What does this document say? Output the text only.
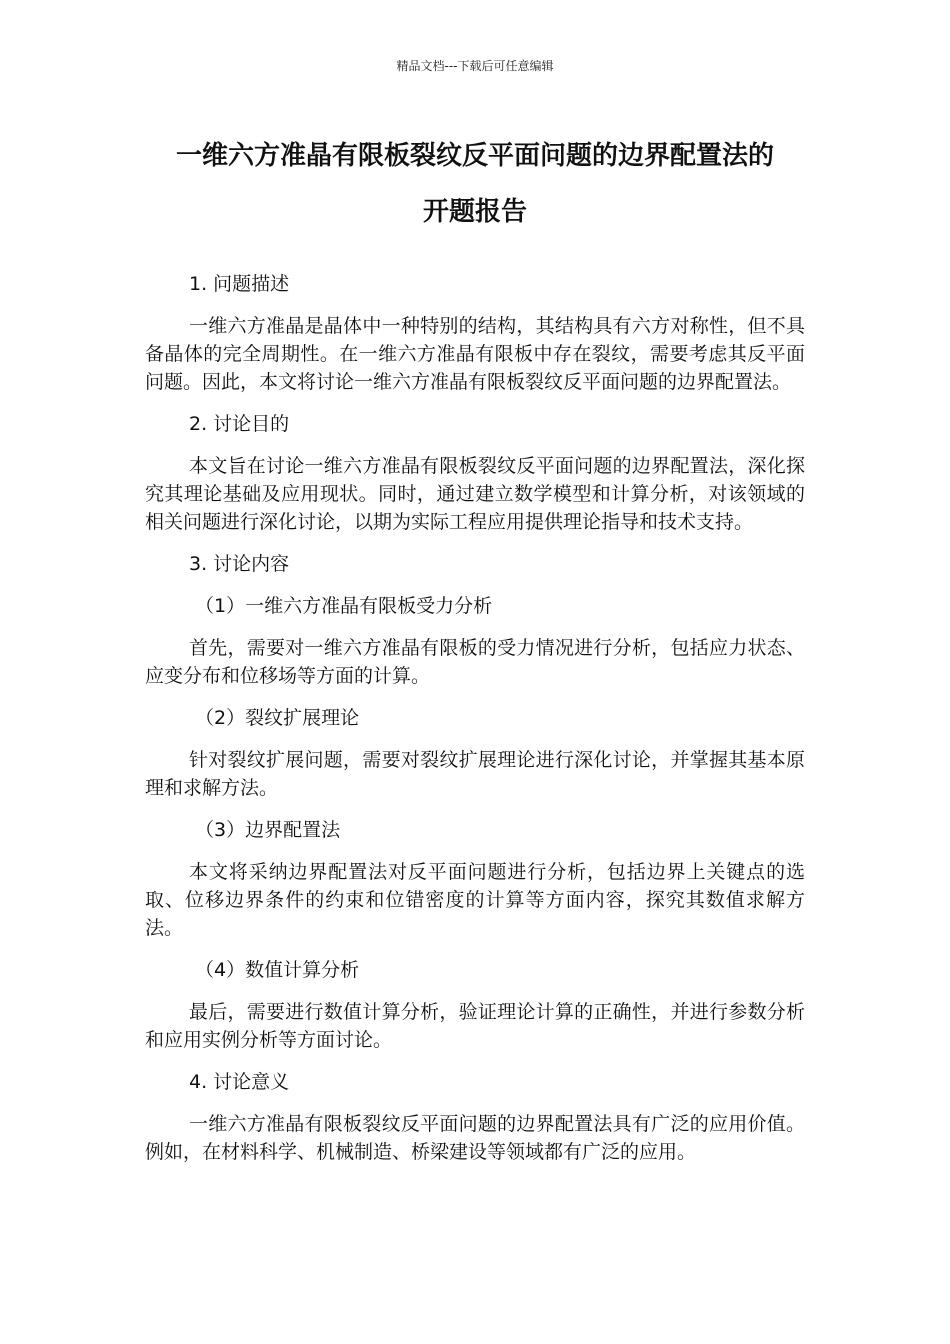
精品文档---下载后可任意编辑
一维六方准晶有限板裂纹反平面问题的边界配置法的
开题报告
1. 问题描述

一维六方准晶是晶体中一种特别的结构，其结构具有六方对称性，但不具备晶体的完全周期性。在一维六方准晶有限板中存在裂纹，需要考虑其反平面问题。因此，本文将讨论一维六方准晶有限板裂纹反平面问题的边界配置法。

2. 讨论目的

本文旨在讨论一维六方准晶有限板裂纹反平面问题的边界配置法，深化探究其理论基础及应用现状。同时，通过建立数学模型和计算分析，对该领域的相关问题进行深化讨论，以期为实际工程应用提供理论指导和技术支持。

3. 讨论内容
（1）一维六方准晶有限板受力分析

首先，需要对一维六方准晶有限板的受力情况进行分析，包括应力状态、应变分布和位移场等方面的计算。

（2）裂纹扩展理论

针对裂纹扩展问题，需要对裂纹扩展理论进行深化讨论，并掌握其基本原理和求解方法。

（3）边界配置法

本文将采纳边界配置法对反平面问题进行分析，包括边界上关键点的选取、位移边界条件的约束和位错密度的计算等方面内容，探究其数值求解方法。

（4）数值计算分析

最后，需要进行数值计算分析，验证理论计算的正确性，并进行参数分析和应用实例分析等方面讨论。

4. 讨论意义

一维六方准晶有限板裂纹反平面问题的边界配置法具有广泛的应用价值。例如，在材料科学、机械制造、桥梁建设等领域都有广泛的应用。
